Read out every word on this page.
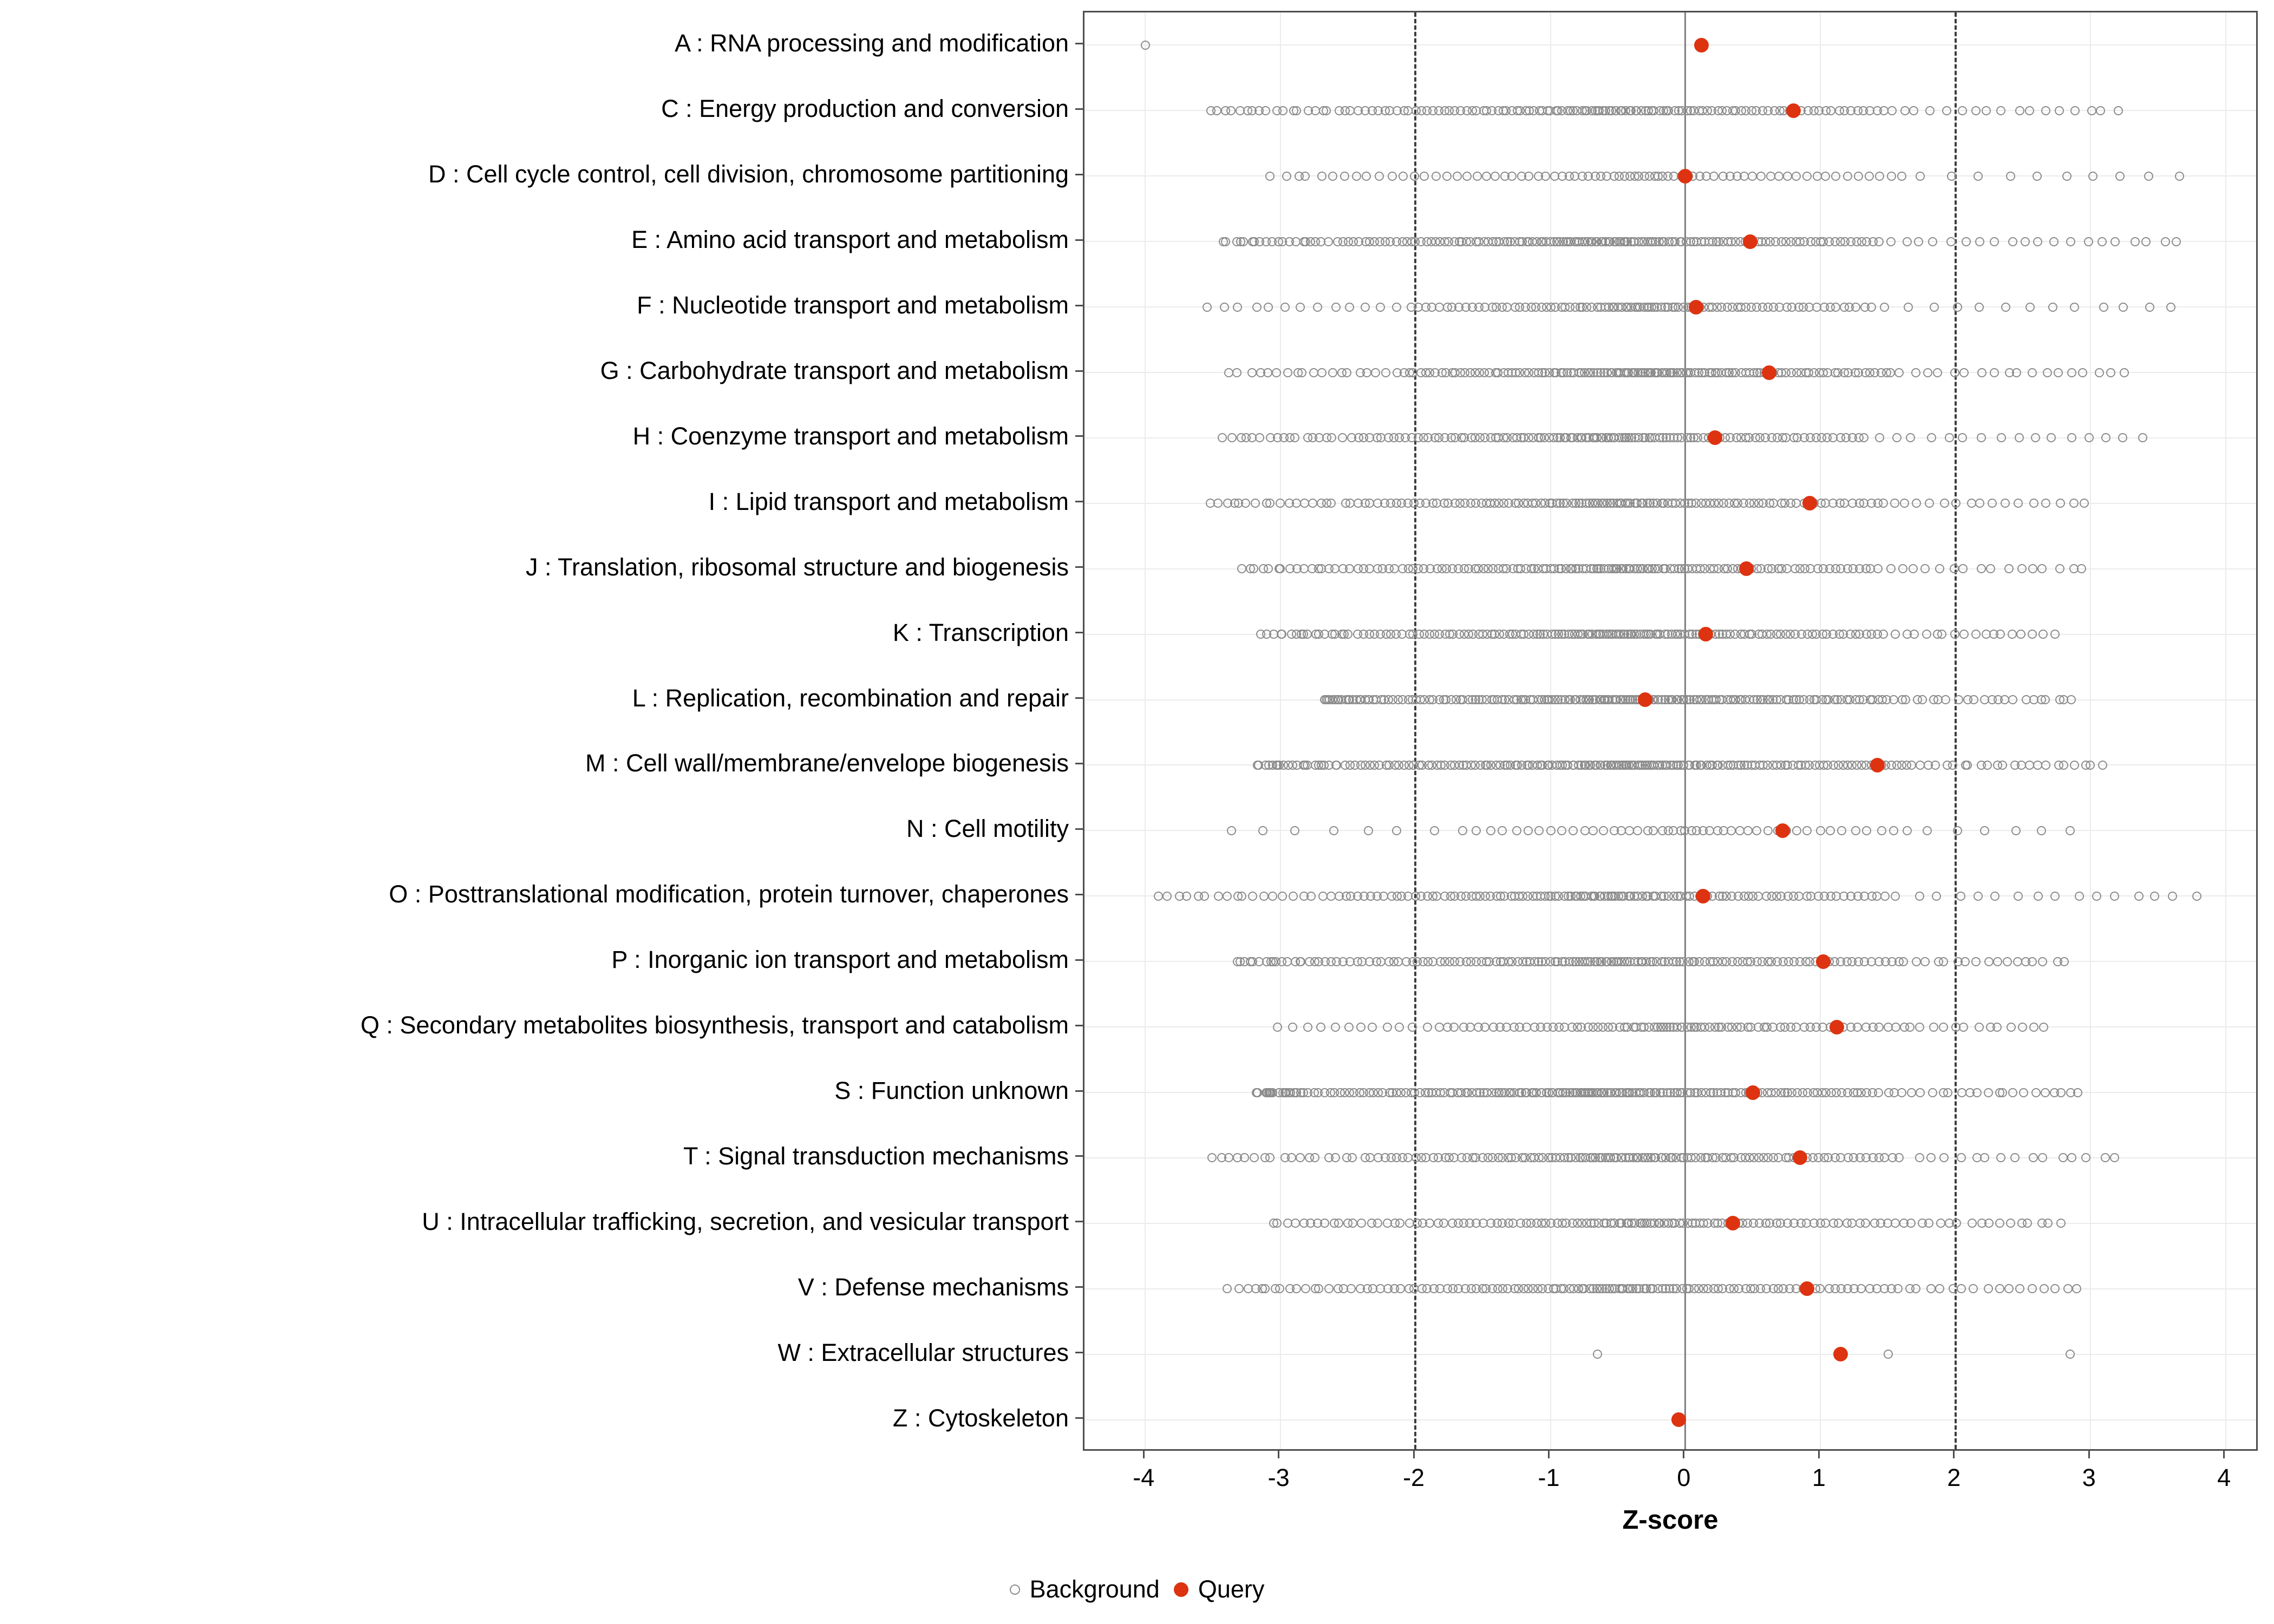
A : RNA processing and modification
C : Energy production and conversion
D : Cell cycle control, cell division, chromosome partitioning
E : Amino acid transport and metabolism
F : Nucleotide transport and metabolism
G : Carbohydrate transport and metabolism
H : Coenzyme transport and metabolism
I : Lipid transport and metabolism
J : Translation, ribosomal structure and biogenesis
K : Transcription
L : Replication, recombination and repair
M : Cell wall/membrane/envelope biogenesis
N : Cell motility
O : Posttranslational modification, protein turnover, chaperones
P : Inorganic ion transport and metabolism
Q : Secondary metabolites biosynthesis, transport and catabolism
S : Function unknown
T : Signal transduction mechanisms
U : Intracellular trafficking, secretion, and vesicular transport
V : Defense mechanisms
W : Extracellular structures
Z : Cytoskeleton
-4	-3	-2	-1	0	1	2	3	4
Z-score
Background Query
